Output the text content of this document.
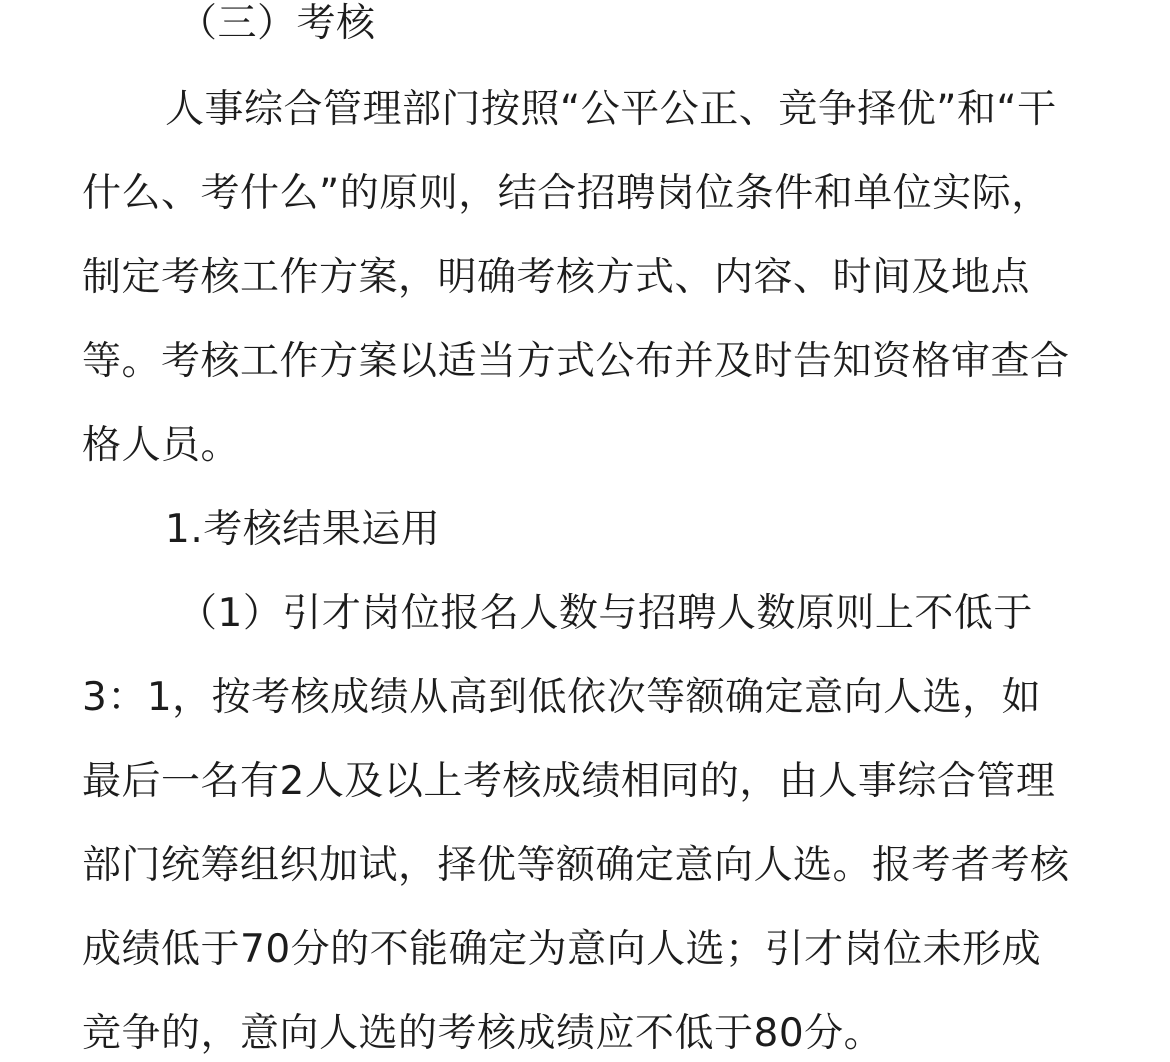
（三）考核
人事综合管理部门按照“公平公正、竞争择优”和“干
什么、考什么”的原则，结合招聘岗位条件和单位实际，
制定考核工作方案，明确考核方式、内容、时间及地点
等。考核工作方案以适当方式公布并及时告知资格审查合
格人员。
1.考核结果运用
（1）引才岗位报名人数与招聘人数原则上不低于
3：1，按考核成绩从高到低依次等额确定意向人选，如
最后一名有2人及以上考核成绩相同的，由人事综合管理
部门统筹组织加试，择优等额确定意向人选。报考者考核
成绩低于70分的不能确定为意向人选；引才岗位未形成
竞争的，意向人选的考核成绩应不低于80分。
